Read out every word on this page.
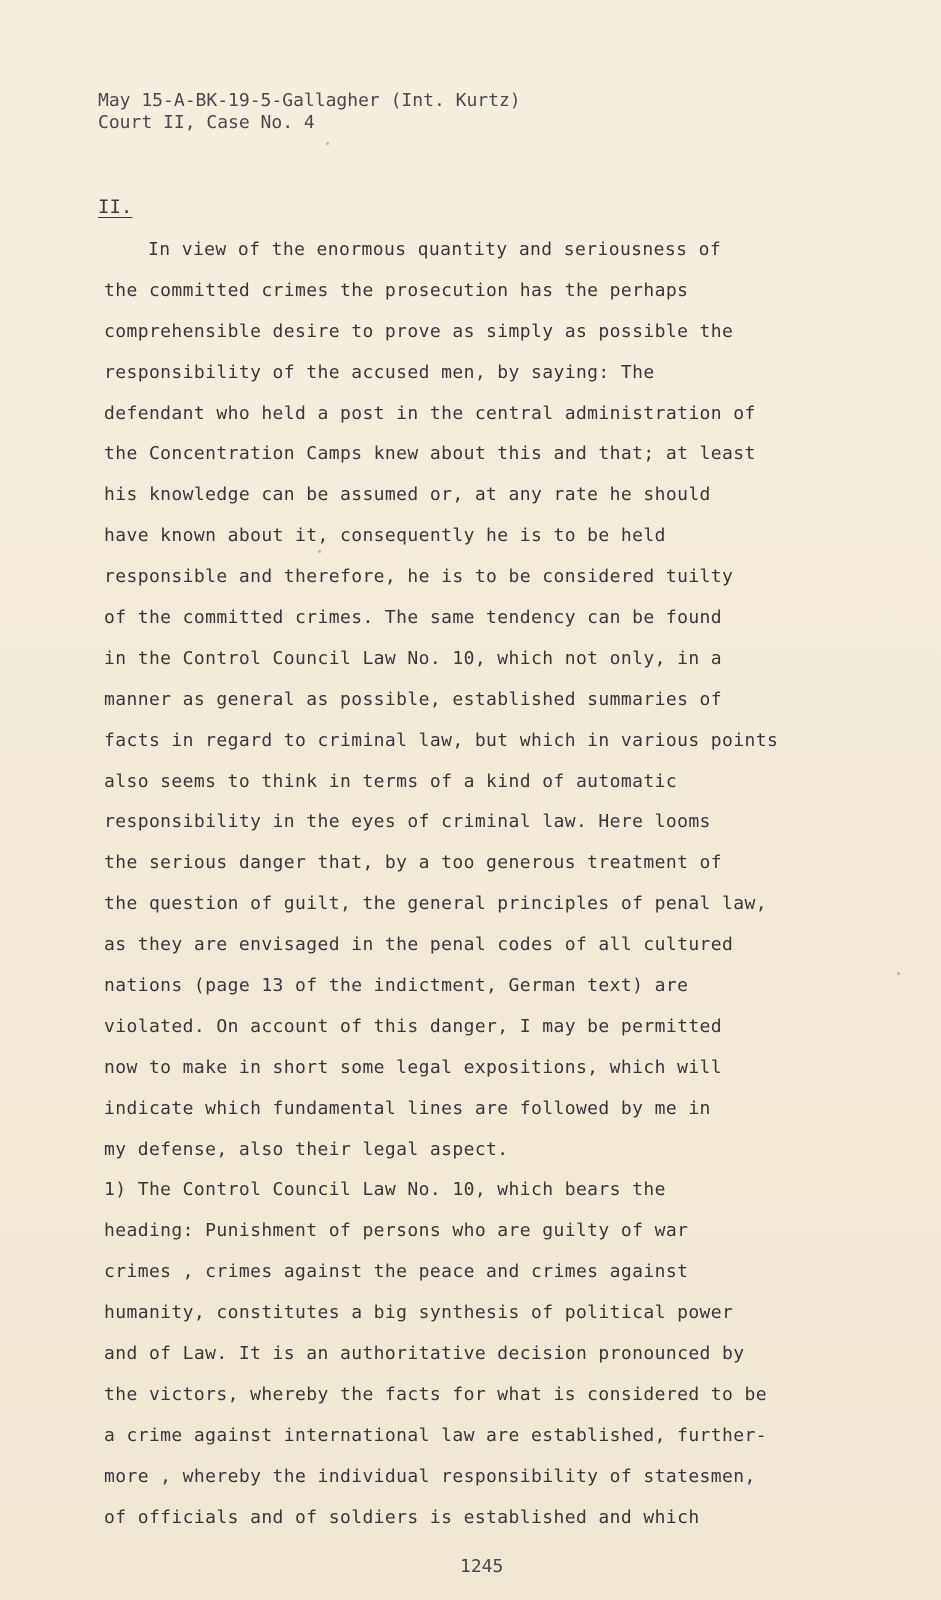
May 15-A-BK-19-5-Gallagher (Int. Kurtz)
Court II, Case No. 4
II.
In view of the enormous quantity and seriousness of
the committed crimes the prosecution has the perhaps
comprehensible desire to prove as simply as possible the
responsibility of the accused men, by saying: The
defendant who held a post in the central administration of
the Concentration Camps knew about this and that; at least
his knowledge can be assumed or, at any rate he should
have known about it, consequently he is to be held
responsible and therefore, he is to be considered tuilty
of the committed crimes. The same tendency can be found
in the Control Council Law No. 10, which not only, in a
manner as general as possible, established summaries of
facts in regard to criminal law, but which in various points
also seems to think in terms of a kind of automatic
responsibility in the eyes of criminal law. Here looms
the serious danger that, by a too generous treatment of
the question of guilt, the general principles of penal law,
as they are envisaged in the penal codes of all cultured
nations (page 13 of the indictment, German text) are
violated. On account of this danger, I may be permitted
now to make in short some legal expositions, which will
indicate which fundamental lines are followed by me in
my defense, also their legal aspect.
1) The Control Council Law No. 10, which bears the
heading: Punishment of persons who are guilty of war
crimes , crimes against the peace and crimes against
humanity, constitutes a big synthesis of political power
and of Law. It is an authoritative decision pronounced by
the victors, whereby the facts for what is considered to be
a crime against international law are established, further-
more , whereby the individual responsibility of statesmen,
of officials and of soldiers is established and which
1245
